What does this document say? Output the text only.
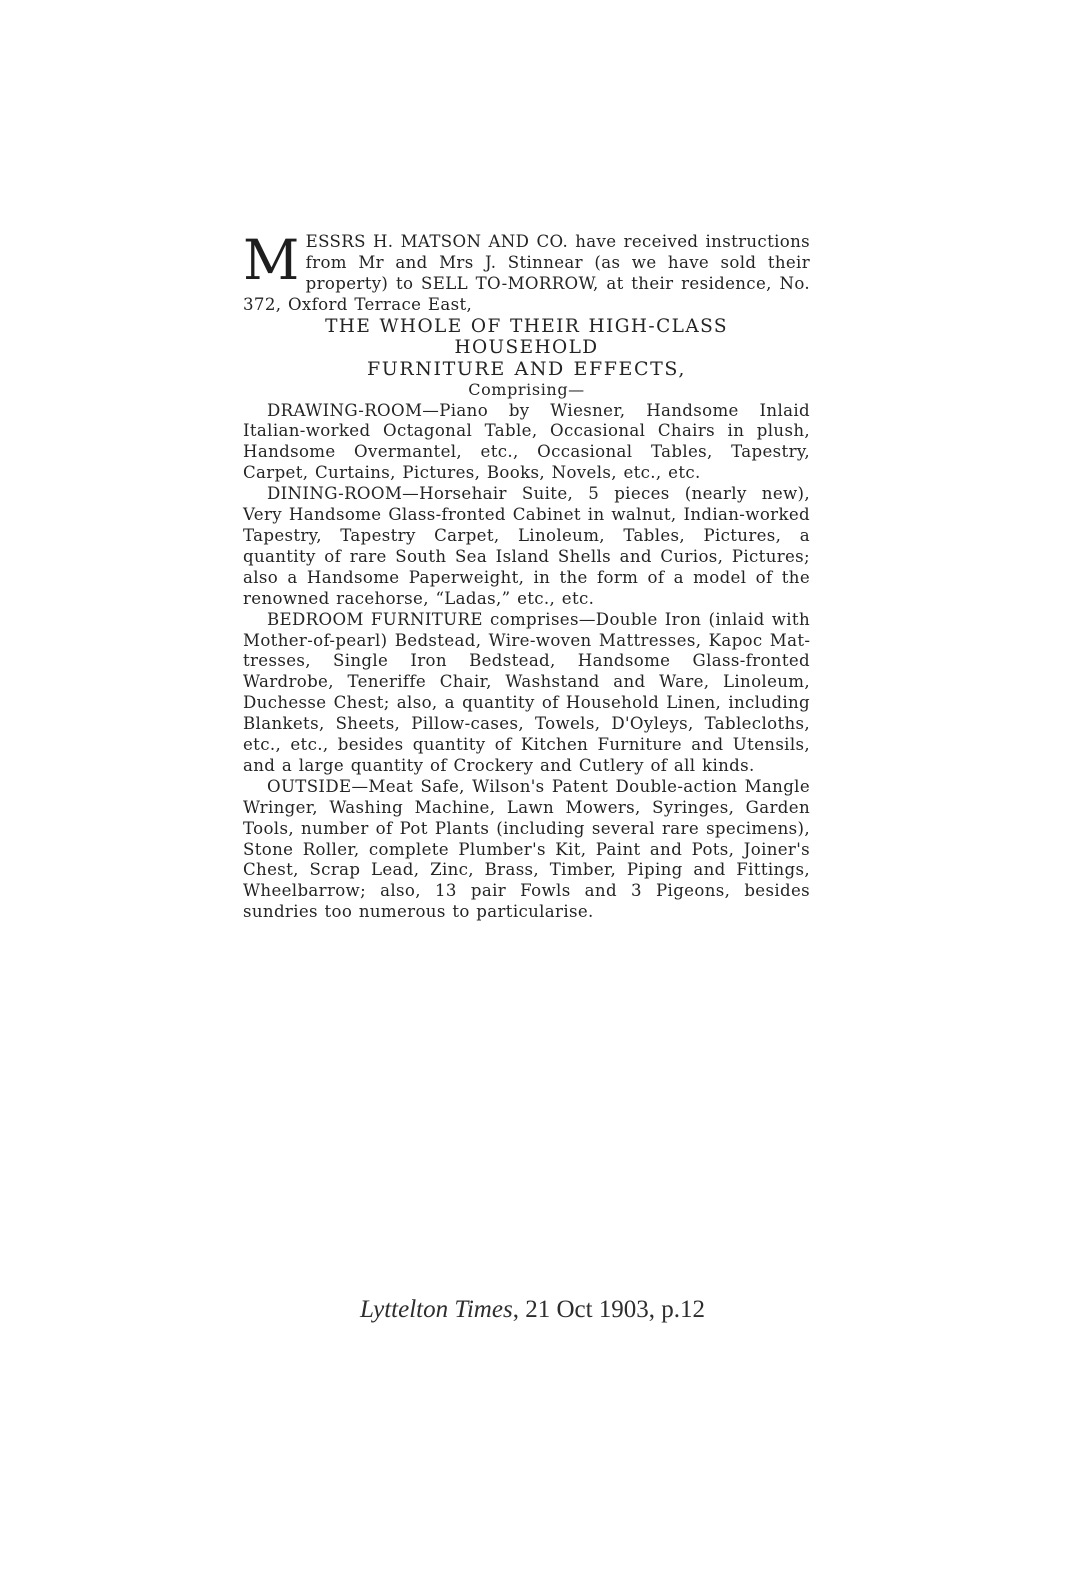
MESSRS H. MATSON AND CO. have received instructions from Mr and Mrs J. Stinnear (as we have sold their property) to SELL TO-MORROW, at their residence, No. 372, Oxford Terrace East,

THE WHOLE OF THEIR HIGH-CLASS

HOUSEHOLD

FURNITURE AND EFFECTS,

Comprising—

DRAWING-ROOM—Piano by Wiesner, Handsome Inlaid Italian-worked Octagonal Table, Occasional Chairs in plush, Handsome Overmantel, etc., Occasional Tables, Tapestry, Carpet, Curtains, Pictures, Books, Novels, etc., etc.

DINING-ROOM—Horsehair Suite, 5 pieces (nearly new), Very Handsome Glass-fronted Cabinet in walnut, Indian-worked Tapestry, Tapestry Carpet, Linoleum, Tables, Pictures, a quantity of rare South Sea Island Shells and Curios, Pictures; also a Handsome Paperweight, in the form of a model of the renowned racehorse, “Ladas,” etc., etc.

BEDROOM FURNITURE comprises—Double Iron (inlaid with Mother-of-pearl) Bedstead, Wire-woven Mattresses, Kapoc Mattresses, Single Iron Bedstead, Handsome Glass-fronted Wardrobe, Teneriffe Chair, Washstand and Ware, Linoleum, Duchesse Chest; also, a quantity of Household Linen, including Blankets, Sheets, Pillow-cases, Towels, D'Oyleys, Tablecloths, etc., etc., besides quantity of Kitchen Furniture and Utensils, and a large quantity of Crockery and Cutlery of all kinds.

OUTSIDE—Meat Safe, Wilson's Patent Double-action Mangle Wringer, Washing Machine, Lawn Mowers, Syringes, Garden Tools, number of Pot Plants (including several rare specimens), Stone Roller, complete Plumber's Kit, Paint and Pots, Joiner's Chest, Scrap Lead, Zinc, Brass, Timber, Piping and Fittings, Wheelbarrow; also, 13 pair Fowls and 3 Pigeons, besides sundries too numerous to particularise.

Lyttelton Times, 21 Oct 1903, p.12
